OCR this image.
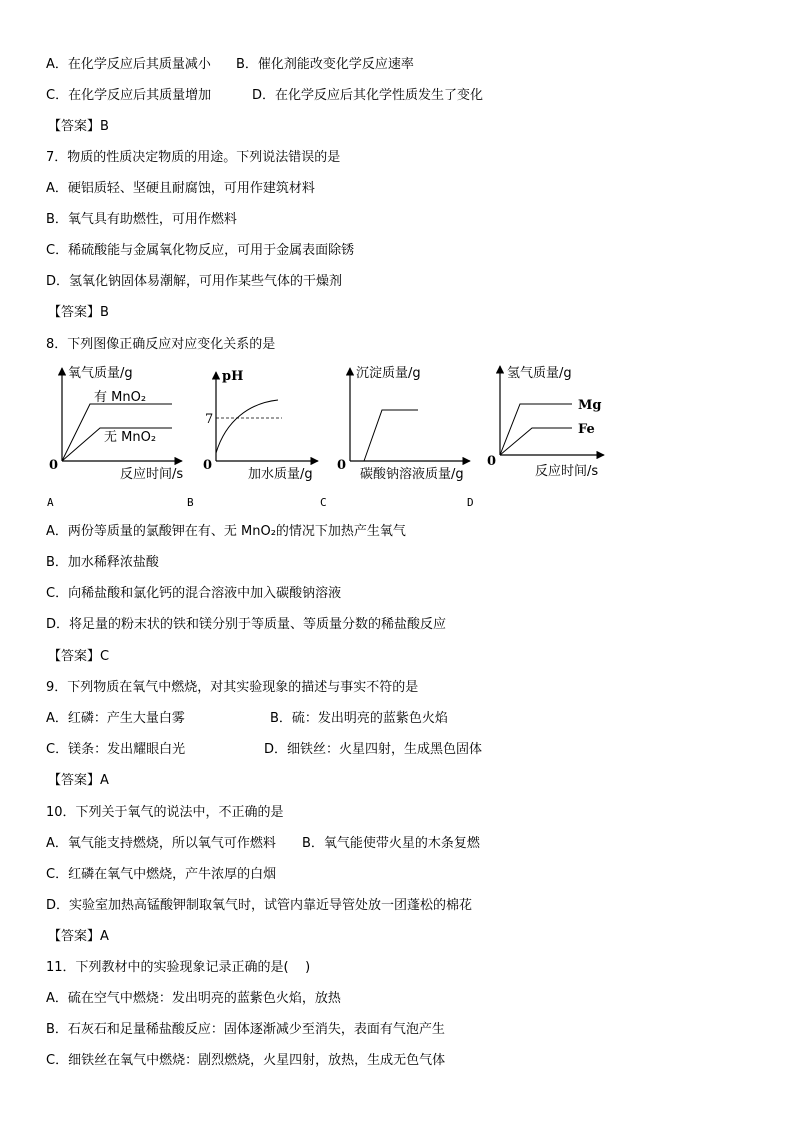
A．在化学反应后其质量减小 B．催化剂能改变化学反应速率
C．在化学反应后其质量增加	D．在化学反应后其化学性质发生了变化
【答案】B
7．物质的性质决定物质的用途。下列说法错误的是
A．硬铝质轻、坚硬且耐腐蚀，可用作建筑材料
B．氧气具有助燃性，可用作燃料
C．稀硫酸能与金属氧化物反应，可用于金属表面除锈
D．氢氧化钠固体易潮解，可用作某些气体的干燥剂
【答案】B
8．下列图像正确反应对应变化关系的是
氧气质量/g
有 MnO₂
无 MnO₂
0
反应时间/s
A
pH
7
0
加水质量/g
B
沉淀质量/g
0
碳酸钠溶液质量/g
C
氢气质量/g
Mg
Fe
0
反应时间/s
D
A．两份等质量的氯酸钾在有、无 MnO₂的情况下加热产生氧气
B．加水稀释浓盐酸
C．向稀盐酸和氯化钙的混合溶液中加入碳酸钠溶液
D．将足量的粉末状的铁和镁分别于等质量、等质量分数的稀盐酸反应
【答案】C
9．下列物质在氧气中燃烧，对其实验现象的描述与事实不符的是
A．红磷：产生大量白雾	B．硫：发出明亮的蓝紫色火焰
C．镁条：发出耀眼白光	D．细铁丝：火星四射，生成黑色固体
【答案】A
10．下列关于氧气的说法中，不正确的是
A．氧气能支持燃烧，所以氧气可作燃料 B．氧气能使带火星的木条复燃
C．红磷在氧气中燃烧，产牛浓厚的白烟
D．实验室加热高锰酸钾制取氧气时，试管内靠近导管处放一团蓬松的棉花
【答案】A
11．下列教材中的实验现象记录正确的是(    )
A．硫在空气中燃烧：发出明亮的蓝紫色火焰，放热
B．石灰石和足量稀盐酸反应：固体逐渐减少至消失，表面有气泡产生
C．细铁丝在氧气中燃烧：剧烈燃烧，火星四射，放热，生成无色气体
